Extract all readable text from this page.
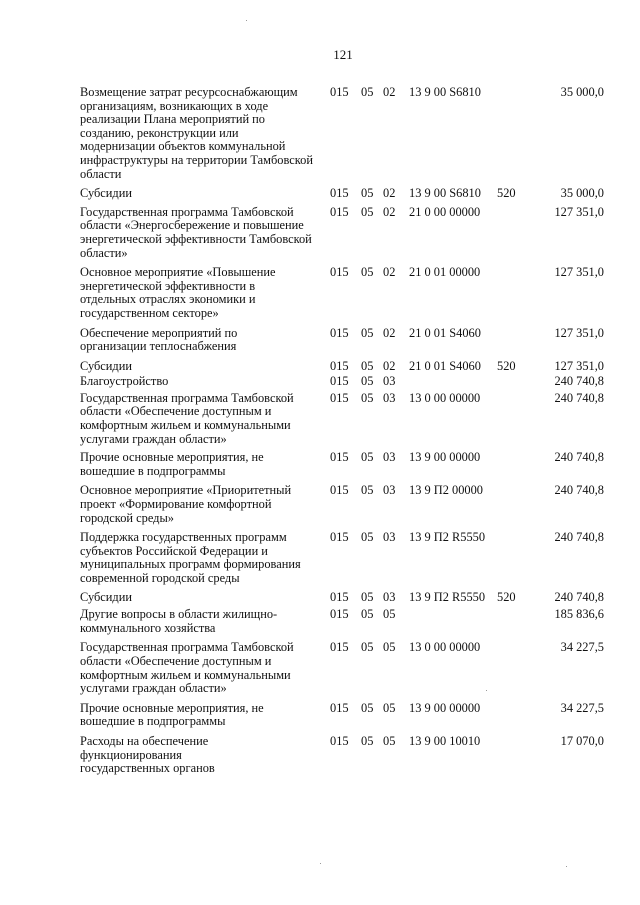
121
Возмещение затрат ресурсоснабжающим организациям, возникающих в ходе реализации Плана мероприятий по созданию, реконструкции или модернизации объектов коммунальной инфраструктуры на территории Тамбовской области
015 05 02 13 9 00 S6810	35 000,0
Субсидии	015 05 02 13 9 00 S6810 520	35 000,0
Государственная программа Тамбовской области «Энергосбережение и повышение энергетической эффективности Тамбовской области»
015 05 02 21 0 00 00000	127 351,0
Основное мероприятие «Повышение энергетической эффективности в отдельных отраслях экономики и государственном секторе»
015 05 02 21 0 01 00000	127 351,0
Обеспечение мероприятий по организации теплоснабжения
015 05 02 21 0 01 S4060	127 351,0
Субсидии	015 05 02 21 0 01 S4060 520	127 351,0
Благоустройство	015 05 03	240 740,8
Государственная программа Тамбовской области «Обеспечение доступным и комфортным жильем и коммунальными услугами граждан области»
015 05 03 13 0 00 00000	240 740,8
Прочие основные мероприятия, не вошедшие в подпрограммы
015 05 03 13 9 00 00000	240 740,8
Основное мероприятие «Приоритетный проект «Формирование комфортной городской среды»
015 05 03 13 9 П2 00000	240 740,8
Поддержка государственных программ субъектов Российской Федерации и муниципальных программ формирования современной городской среды
015 05 03 13 9 П2 R5550	240 740,8
Субсидии	015 05 03 13 9 П2 R5550 520	240 740,8
Другие вопросы в области жилищно-коммунального хозяйства
015 05 05	185 836,6
Государственная программа Тамбовской области «Обеспечение доступным и комфортным жильем и коммунальными услугами граждан области»
015 05 05 13 0 00 00000	34 227,5
Прочие основные мероприятия, не вошедшие в подпрограммы
015 05 05 13 9 00 00000	34 227,5
Расходы на обеспечение функционирования государственных органов
015 05 05 13 9 00 10010	17 070,0
